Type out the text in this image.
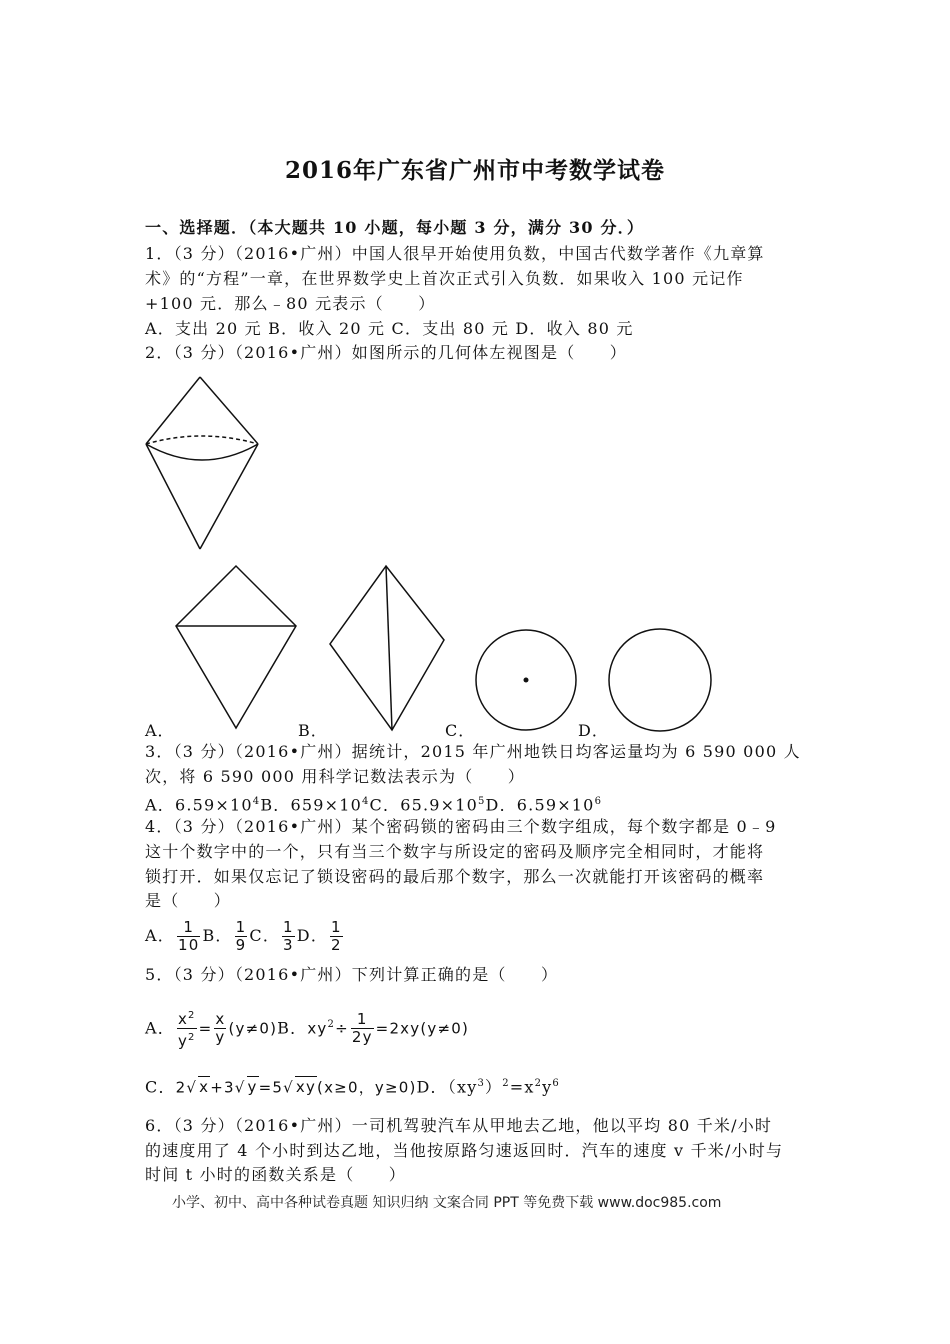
2016年广东省广州市中考数学试卷
一、选择题．（本大题共 10 小题，每小题 3 分，满分 30 分．）
1．（3 分）（2016•广州）中国人很早开始使用负数，中国古代数学著作《九章算
术》的“方程”一章，在世界数学史上首次正式引入负数．如果收入 100 元记作
+100 元．那么﹣80 元表示（　　）
A．支出 20 元 B．收入 20 元 C．支出 80 元 D．收入 80 元
2．（3 分）（2016•广州）如图所示的几何体左视图是（　　）
A．	B．	C．	D．
3．（3 分）（2016•广州）据统计，2015 年广州地铁日均客运量均为 6 590 000 人
次，将 6 590 000 用科学记数法表示为（　　）
A．$6.59\times 10^4B$．$659\times 10^4C$．$65.9\times 10^5D$．$6.59\times 10^6$
4．（3 分）（2016•广州）某个密码锁的密码由三个数字组成，每个数字都是 0﹣9
这十个数字中的一个，只有当三个数字与所设定的密码及顺序完全相同时，才能将
锁打开．如果仅忘记了锁设密码的最后那个数字，那么一次就能打开该密码的概率
是（　　）
A． $\frac{1}{10}$ B． $\frac{1}{9}$ C． $\frac{1}{3}$ D． $\frac{1}{2}$
5．（3 分）（2016•广州）下列计算正确的是（　　）
A． $\frac{x^2}{y^2} = \frac{x}{y} (y\ne 0)B$．$xy^2\div \frac{1}{2y} =2xy(y\ne 0)$
C．2√ x+3√ y=5√ xy(x≥0，y≥0)D．$(xy^3)^2=x^2y^6$
6．（3 分）（2016•广州）一司机驾驶汽车从甲地去乙地，他以平均 80 千米/小时
的速度用了 4 个小时到达乙地，当他按原路匀速返回时．汽车的速度 v 千米/小时与
时间 t 小时的函数关系是（　　）
小学、初中、高中各种试卷真题 知识归纳 文案合同 PPT 等免费下载 www.doc985.com
